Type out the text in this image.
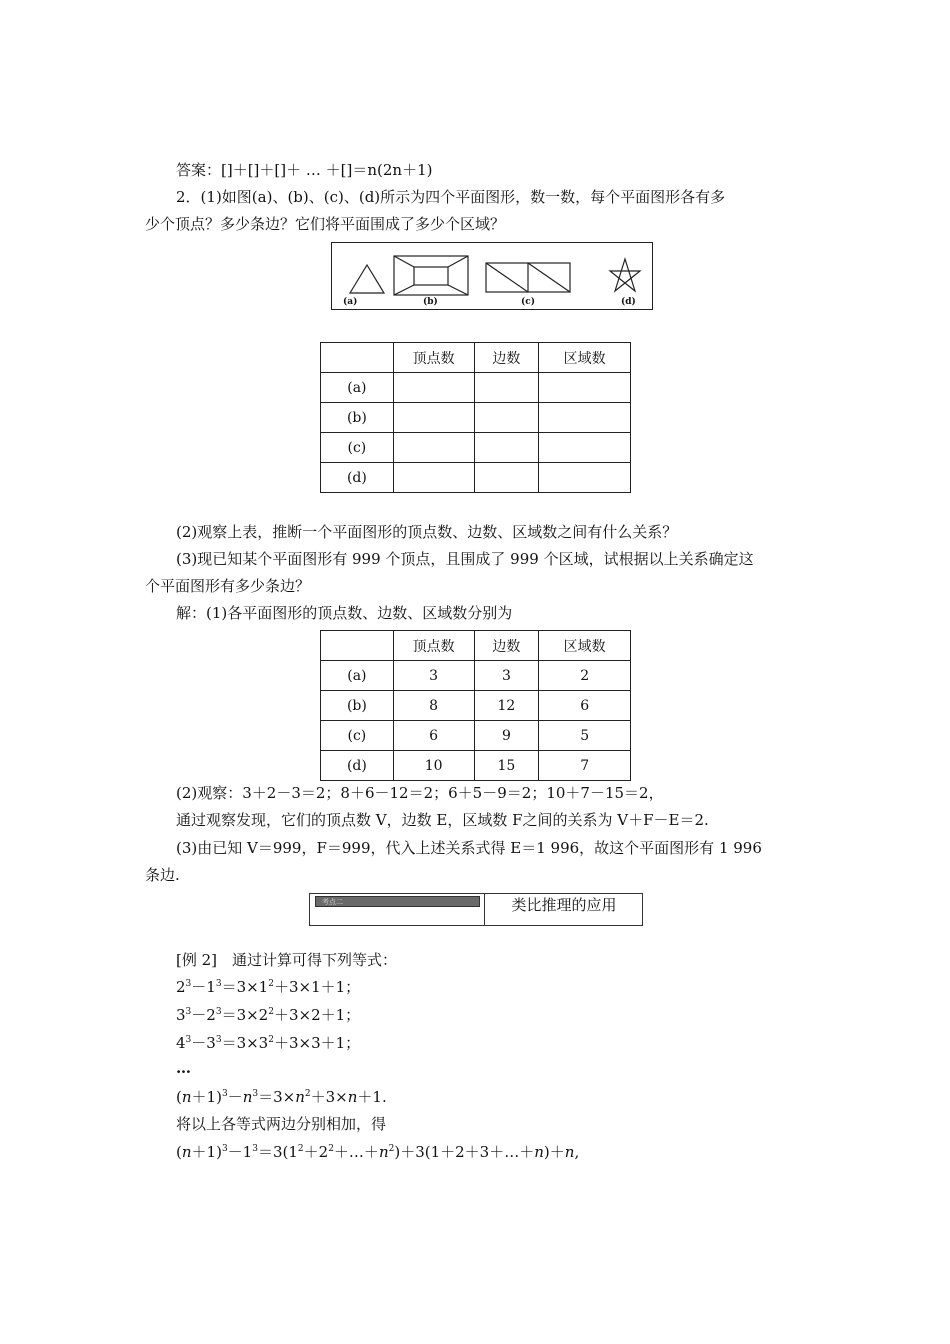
答案：[]＋[]＋[]＋ … ＋[]＝n(2n＋1)
2．(1)如图(a)、(b)、(c)、(d)所示为四个平面图形，数一数，每个平面图形各有多
少个顶点？多少条边？它们将平面围成了多少个区域？
(a)	(b)	(c)	(d)
	顶点数	边数	区域数
(a)			
(b)			
(c)			
(d)			
(2)观察上表，推断一个平面图形的顶点数、边数、区域数之间有什么关系？
(3)现已知某个平面图形有 999 个顶点，且围成了 999 个区域，试根据以上关系确定这
个平面图形有多少条边？
解：(1)各平面图形的顶点数、边数、区域数分别为
	顶点数	边数	区域数
(a)	3	3	2
(b)	8	12	6
(c)	6	9	5
(d)	10	15	7
(2)观察：3＋2－3＝2；8＋6－12＝2；6＋5－9＝2；10＋7－15＝2，
通过观察发现，它们的顶点数 V，边数 E，区域数 F之间的关系为 V＋F－E＝2.
(3)由已知 V＝999，F＝999，代入上述关系式得 E＝1 996，故这个平面图形有 1 996
条边.
考点二	类比推理的应用
[例 2]　通过计算可得下列等式：
$2^3-1^3=3\times 1^2+3\times 1+1$；
$3^3-2^3=3\times 2^2+3\times 2+1$；
$4^3-3^3=3\times 3^2+3\times 3+1$；
…
$(n+1)^3-n^3=3\times n^2+3\times n+1$.
将以上各等式两边分别相加，得
$(n+1)^3-1^3=3(1^2+2^2+\dots+n^2)+3(1+2+3+\dots+n)+n$,
